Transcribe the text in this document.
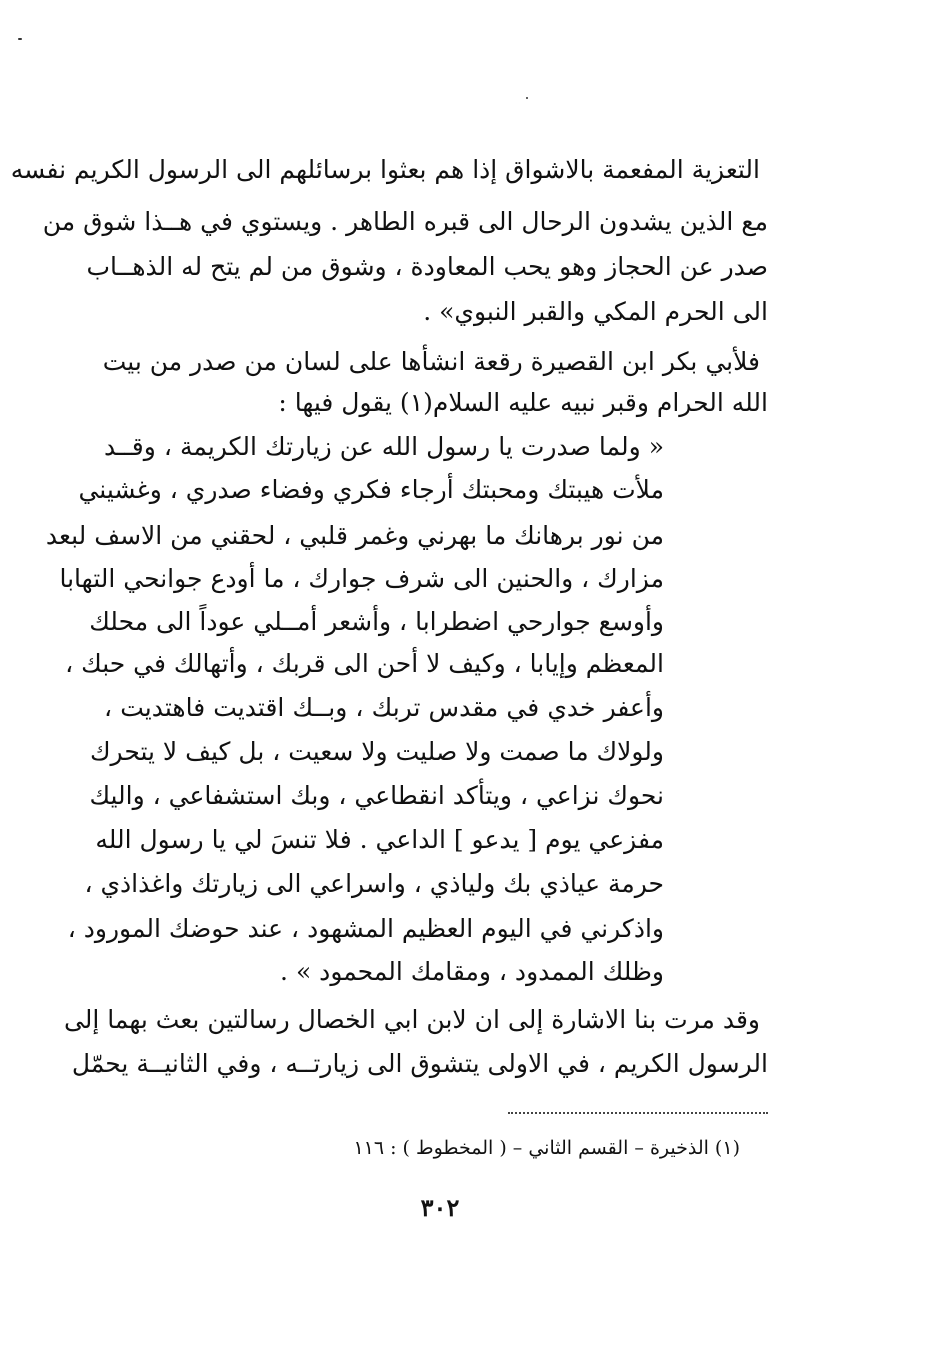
التعزية المفعمة بالاشواق إذا هم بعثوا برسائلهم الى الرسول الكريم نفسه
مع الذين يشدون الرحال الى قبره الطاهر . ويستوي في هــذا شوق من
صدر عن الحجاز وهو يحب المعاودة ، وشوق من لم يتح له الذهــاب
الى الحرم المكي والقبر النبوي» .
فلأبي بكر ابن القصيرة رقعة انشأها على لسان من صدر من بيت
الله الحرام وقبر نبيه عليه السلام(١) يقول فيها :
« ولما صدرت يا رسول الله عن زيارتك الكريمة ، وقــد
ملأت هيبتك ومحبتك أرجاء فكري وفضاء صدري ، وغشيني
من نور برهانك ما بهرني وغمر قلبي ، لحقني من الاسف لبعد
مزارك ، والحنين الى شرف جوارك ، ما أودع جوانحي التهابا
وأوسع جوارحي اضطرابا ، وأشعر أمــلي عوداً الى محلك
المعظم وإيابا ، وكيف لا أحن الى قربك ، وأتهالك في حبك ،
وأعفر خدي في مقدس تربك ، وبــك اقتديت فاهتديت ،
ولولاك ما صمت ولا صليت ولا سعيت ، بل كيف لا يتحرك
نحوك نزاعي ، ويتأكد انقطاعي ، وبك استشفاعي ، واليك
مفزعي يوم [ يدعو ] الداعي . فلا تنسَ لي يا رسول الله
حرمة عياذي بك ولياذي ، واسراعي الى زيارتك واغذاذي ،
واذكرني في اليوم العظيم المشهود ، عند حوضك المورود ،
وظلك الممدود ، ومقامك المحمود » .
وقد مرت بنا الاشارة إلى ان لابن ابي الخصال رسالتين بعث بهما إلى
الرسول الكريم ، في الاولى يتشوق الى زيارتــه ، وفي الثانيــة يحمّل
(١) الذخيرة – القسم الثاني – ( المخطوط ) : ١١٦
٣٠٢
